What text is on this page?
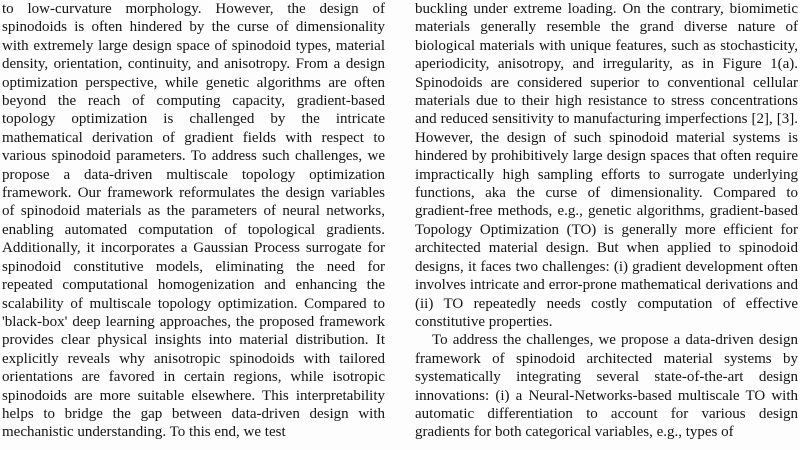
to low-curvature morphology. However, the design of spinodoids is often hindered by the curse of dimensionality with extremely large design space of spinodoid types, material density, orientation, continuity, and anisotropy. From a design optimization perspective, while genetic algorithms are often beyond the reach of computing capacity, gradient-based topology optimization is challenged by the intricate mathematical derivation of gradient fields with respect to various spinodoid parameters. To address such challenges, we propose a data-driven multiscale topology optimization framework. Our framework reformulates the design variables of spinodoid materials as the parameters of neural networks, enabling automated computation of topological gradients. Additionally, it incorporates a Gaussian Process surrogate for spinodoid constitutive models, eliminating the need for repeated computational homogenization and enhancing the scalability of multiscale topology optimization. Compared to 'black-box' deep learning approaches, the proposed framework provides clear physical insights into material distribution. It explicitly reveals why anisotropic spinodoids with tailored orientations are favored in certain regions, while isotropic spinodoids are more suitable elsewhere. This interpretability helps to bridge the gap between data-driven design with mechanistic understanding. To this end, we test

buckling under extreme loading. On the contrary, biomimetic materials generally resemble the grand diverse nature of biological materials with unique features, such as stochasticity, aperiodicity, anisotropy, and irregularity, as in Figure 1(a). Spinodoids are considered superior to conventional cellular materials due to their high resistance to stress concentrations and reduced sensitivity to manufacturing imperfections [2], [3]. However, the design of such spinodoid material systems is hindered by prohibitively large design spaces that often require impractically high sampling efforts to surrogate underlying functions, aka the curse of dimensionality. Compared to gradient-free methods, e.g., genetic algorithms, gradient-based Topology Optimization (TO) is generally more efficient for architected material design. But when applied to spinodoid designs, it faces two challenges: (i) gradient development often involves intricate and error-prone mathematical derivations and (ii) TO repeatedly needs costly computation of effective constitutive properties.

To address the challenges, we propose a data-driven design framework of spinodoid architected material systems by systematically integrating several state-of-the-art design innovations: (i) a Neural-Networks-based multiscale TO with automatic differentiation to account for various design gradients for both categorical variables, e.g., types of
